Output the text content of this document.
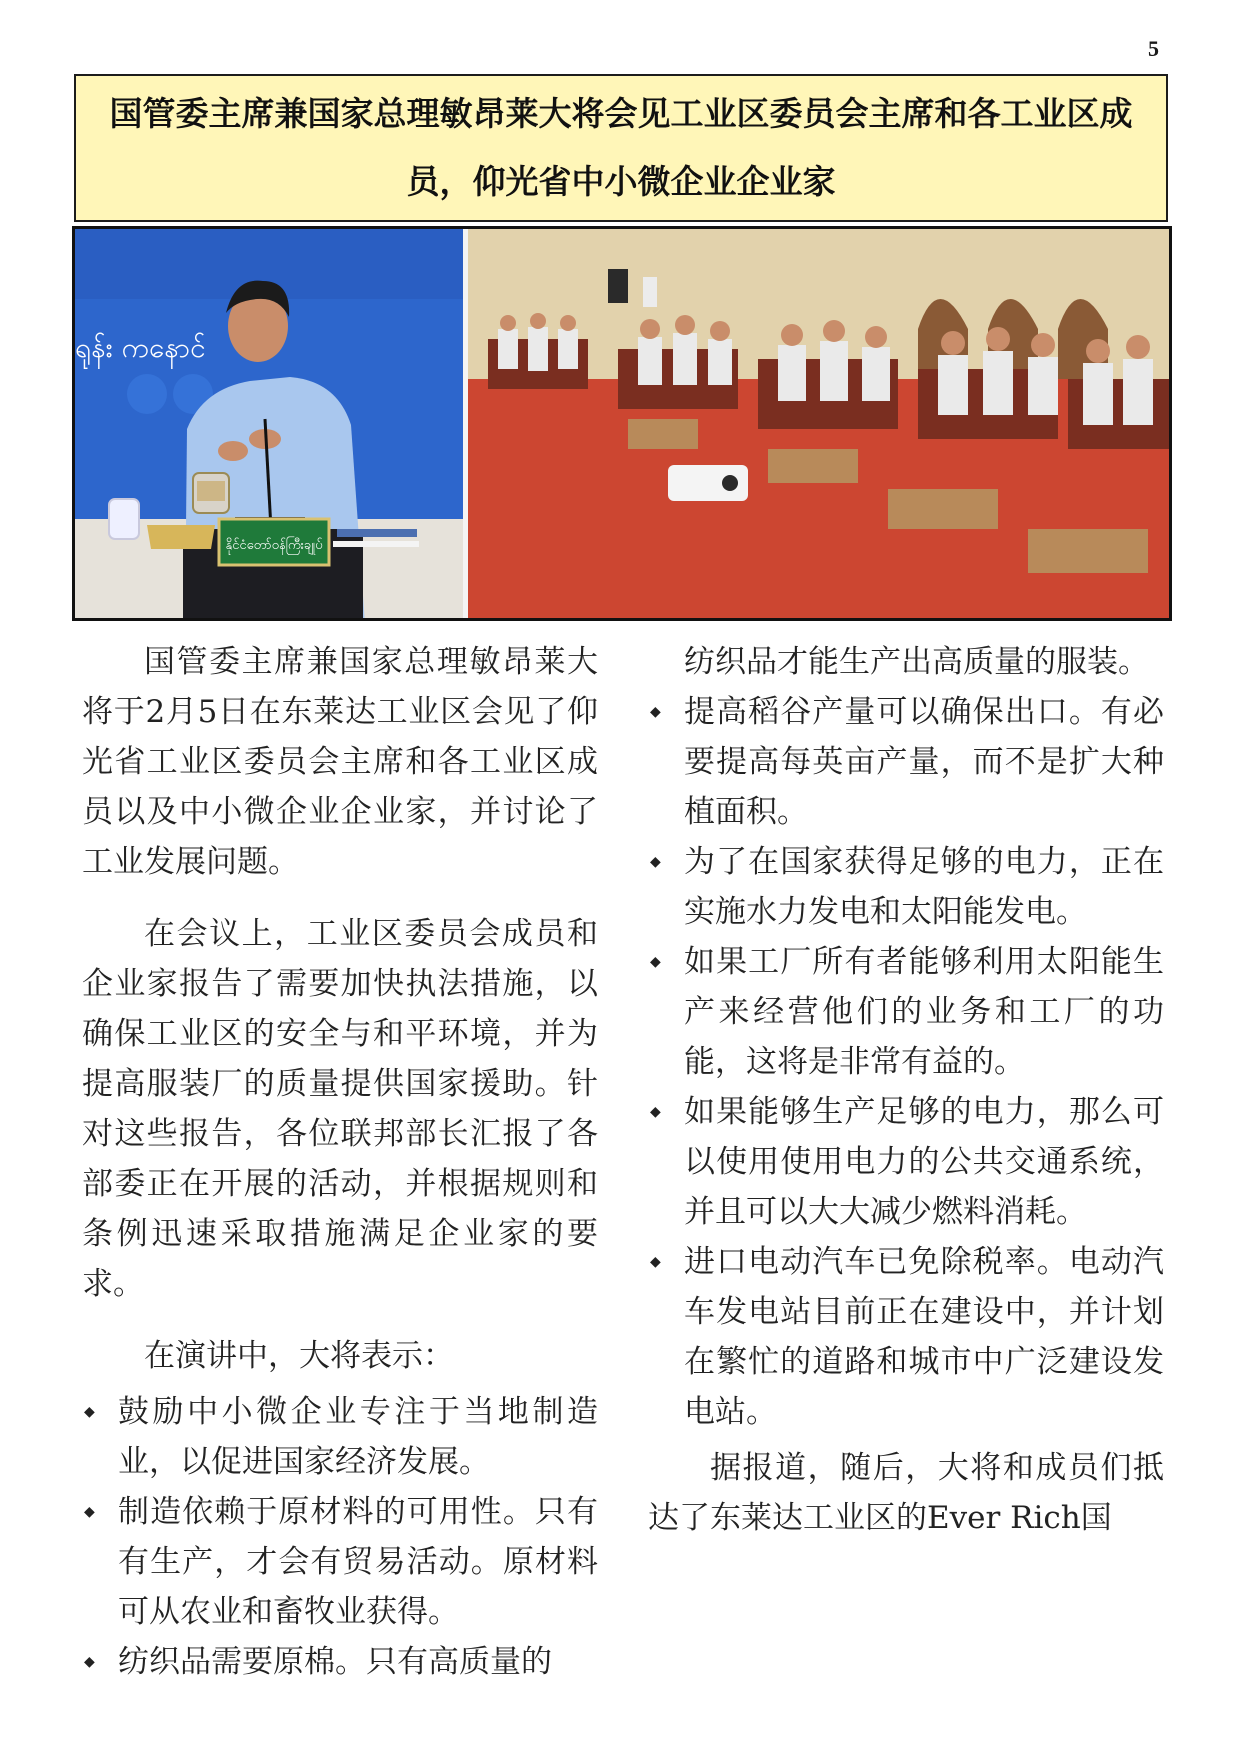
5
国管委主席兼国家总理敏昂莱大将会见工业区委员会主席和各工业区成员，仰光省中小微企业企业家
ရုန်း ကနောင်
နိုင်ငံတော်ဝန်ကြီးချုပ်

国管委主席兼国家总理敏昂莱大将于2月5日在东莱达工业区会见了仰光省工业区委员会主席和各工业区成员以及中小微企业企业家，并讨论了工业发展问题。

在会议上，工业区委员会成员和企业家报告了需要加快执法措施，以确保工业区的安全与和平环境，并为提高服装厂的质量提供国家援助。针对这些报告，各位联邦部长汇报了各部委正在开展的活动，并根据规则和条例迅速采取措施满足企业家的要求。

在演讲中，大将表示：

◆ 鼓励中小微企业专注于当地制造业，以促进国家经济发展。
◆ 制造依赖于原材料的可用性。只有有生产，才会有贸易活动。原材料可从农业和畜牧业获得。
◆ 纺织品需要原棉。只有高质量的

纺织品才能生产出高质量的服装。

◆ 提高稻谷产量可以确保出口。有必要提高每英亩产量，而不是扩大种植面积。
◆ 为了在国家获得足够的电力，正在实施水力发电和太阳能发电。
◆ 如果工厂所有者能够利用太阳能生产来经营他们的业务和工厂的功能，这将是非常有益的。
◆ 如果能够生产足够的电力，那么可以使用使用电力的公共交通系统，并且可以大大减少燃料消耗。
◆ 进口电动汽车已免除税率。电动汽车发电站目前正在建设中，并计划在繁忙的道路和城市中广泛建设发电站。

据报道，随后，大将和成员们抵达了东莱达工业区的Ever Rich国
